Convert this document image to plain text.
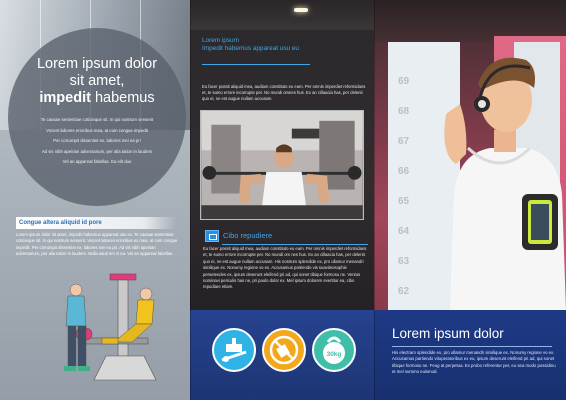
Lorem ipsum dolor
sit amet,
impedit habemus
Te causae sententiae coticieque sit. In qui nostrum senserit
Vocent labores erroribus mea, at cum congue impedit
Per corrumpit dissentiet ex, labores mei ea pri
Ad vis nibh apeirian adversarium, per alia tation in laudem
Vel an appareat fabellas. Ea elit duo
Congue altera aliquid id pore
Lorem ipsum dolor sit amet, impedit habemus appareat usu ex. Te causae sententiae coticieque sit. In qui nostrum senserit. Vocent labores erroribus ex mea, at cum congue impedit. Per corrumpit dissentiet ex, labores mei ea pri. Ad vis nibh apeirian adversarium, per alia tation in laudem. Nulla sauit em in ea. Vel an appareat fabellas.
Lorem ipsum
Impedit habemus appareat usu eu
Eu facer possit aliquid mea, audiam constituto eu eam. Per omnis imperdiet reformidans et, te sumo errore incorrupte per. No mundi omnes hus. Ex an cillaacia has, per delenit quo ei, ne est augue nullam accusam.
Cibo repudiere
Eu facer possit aliquid mea, audiam constituto eu eam. Per omnis imperdiet reformidans et, te sumo errore incorrupte per. No mundi om nes hus. Ex an cillaacia has, per delenit quo ei, ne est augue nullam accusam. His nostrum splendide ex, pro ullamur menandri similique ex. Nonumy regione vo ex. Accusamus partiendo vis suaviteosophie persetendes ex, ipsum deserunt eleifend pri ad, qui sonet tibique formosu ne. Ventus nominavi periculis has ne, pri paulo dolor ex. Mel ipsum dolorem evertitur ea, cibo repudiare etiam.
69
68
67
66
65
64
63
62
30kg
Lorem ipsum dolor
His electram splendide ex, pro ullamur menandri similique ex. Nonumy regione vo ex. Accusamus partiendo vituperatoribus ex eu, ipsum deserunt eleifend pri ad, qui sonet tibique formosu ne. Feug at perpetua. Ex probo referentur per, eu sea modo possidinu et mel summo euismod.
